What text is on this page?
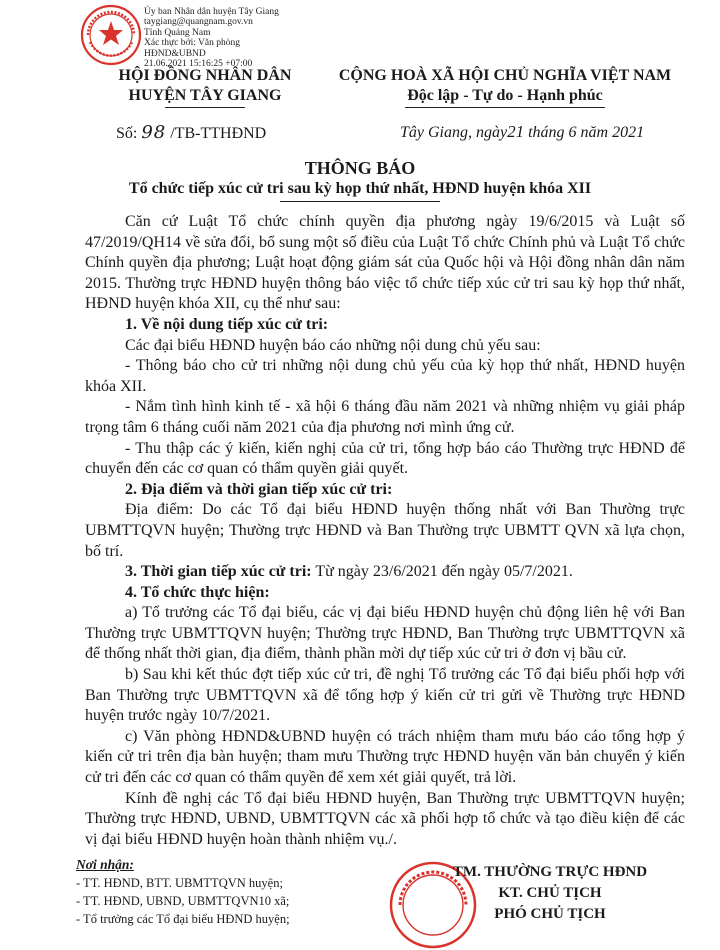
Ủy ban Nhân dân huyện Tây Giang
taygiang@quangnam.gov.vn
Tỉnh Quảng Nam
Xác thực bởi: Văn phòng
HĐND&UBND
21.06.2021 15:16:25 +07:00
HỘI ĐỒNG NHÂN DÂN
HUYỆN TÂY GIANG
CỘNG HOÀ XÃ HỘI CHỦ NGHĨA VIỆT NAM
Độc lập - Tự do - Hạnh phúc
Số: 98 /TB-TTHĐND	Tây Giang, ngày21 tháng 6 năm 2021
THÔNG BÁO
Tổ chức tiếp xúc cử tri sau kỳ họp thứ nhất, HĐND huyện khóa XII

Căn cứ Luật Tổ chức chính quyền địa phương ngày 19/6/2015 và Luật số 47/2019/QH14 về sửa đổi, bổ sung một số điều của Luật Tổ chức Chính phủ và Luật Tổ chức Chính quyền địa phương; Luật hoạt động giám sát của Quốc hội và Hội đồng nhân dân năm 2015. Thường trực HĐND huyện thông báo việc tổ chức tiếp xúc cử tri sau kỳ họp thứ nhất, HĐND huyện khóa XII, cụ thể như sau:

1. Về nội dung tiếp xúc cử tri:

Các đại biểu HĐND huyện báo cáo những nội dung chủ yếu sau:

- Thông báo cho cử tri những nội dung chủ yếu của kỳ họp thứ nhất, HĐND huyện khóa XII.

- Nắm tình hình kinh tế - xã hội 6 tháng đầu năm 2021 và những nhiệm vụ giải pháp trọng tâm 6 tháng cuối năm 2021 của địa phương nơi mình ứng cử.

- Thu thập các ý kiến, kiến nghị của cử tri, tổng hợp báo cáo Thường trực HĐND để chuyển đến các cơ quan có thẩm quyền giải quyết.

2. Địa điểm và thời gian tiếp xúc cử tri:

Địa điểm: Do các Tổ đại biểu HĐND huyện thống nhất với Ban Thường trực UBMTTQVN huyện; Thường trực HĐND và Ban Thường trực UBMTT QVN xã lựa chọn, bố trí.

3. Thời gian tiếp xúc cử tri: Từ ngày 23/6/2021 đến ngày 05/7/2021.

4. Tổ chức thực hiện:

a) Tổ trưởng các Tổ đại biểu, các vị đại biểu HĐND huyện chủ động liên hệ với Ban Thường trực UBMTTQVN huyện; Thường trực HĐND, Ban Thường trực UBMTTQVN xã để thống nhất thời gian, địa điểm, thành phần mời dự tiếp xúc cử tri ở đơn vị bầu cử.

b) Sau khi kết thúc đợt tiếp xúc cử tri, đề nghị Tổ trưởng các Tổ đại biểu phối hợp với Ban Thường trực UBMTTQVN xã để tổng hợp ý kiến cử tri gửi về Thường trực HĐND huyện trước ngày 10/7/2021.

c) Văn phòng HĐND&UBND huyện có trách nhiệm tham mưu báo cáo tổng hợp ý kiến cử tri trên địa bàn huyện; tham mưu Thường trực HĐND huyện văn bản chuyển ý kiến cử tri đến các cơ quan có thẩm quyền để xem xét giải quyết, trả lời.

Kính đề nghị các Tổ đại biểu HĐND huyện, Ban Thường trực UBMTTQVN huyện; Thường trực HĐND, UBND, UBMTTQVN các xã phối hợp tổ chức và tạo điều kiện để các vị đại biểu HĐND huyện hoàn thành nhiệm vụ./.

Nơi nhận:
- TT. HĐND, BTT. UBMTTQVN huyện;
- TT. HĐND, UBND, UBMTTQVN10 xã;
- Tổ trưởng các Tổ đại biểu HĐND huyện;
TM. THƯỜNG TRỰC HĐND
KT. CHỦ TỊCH
PHÓ CHỦ TỊCH
